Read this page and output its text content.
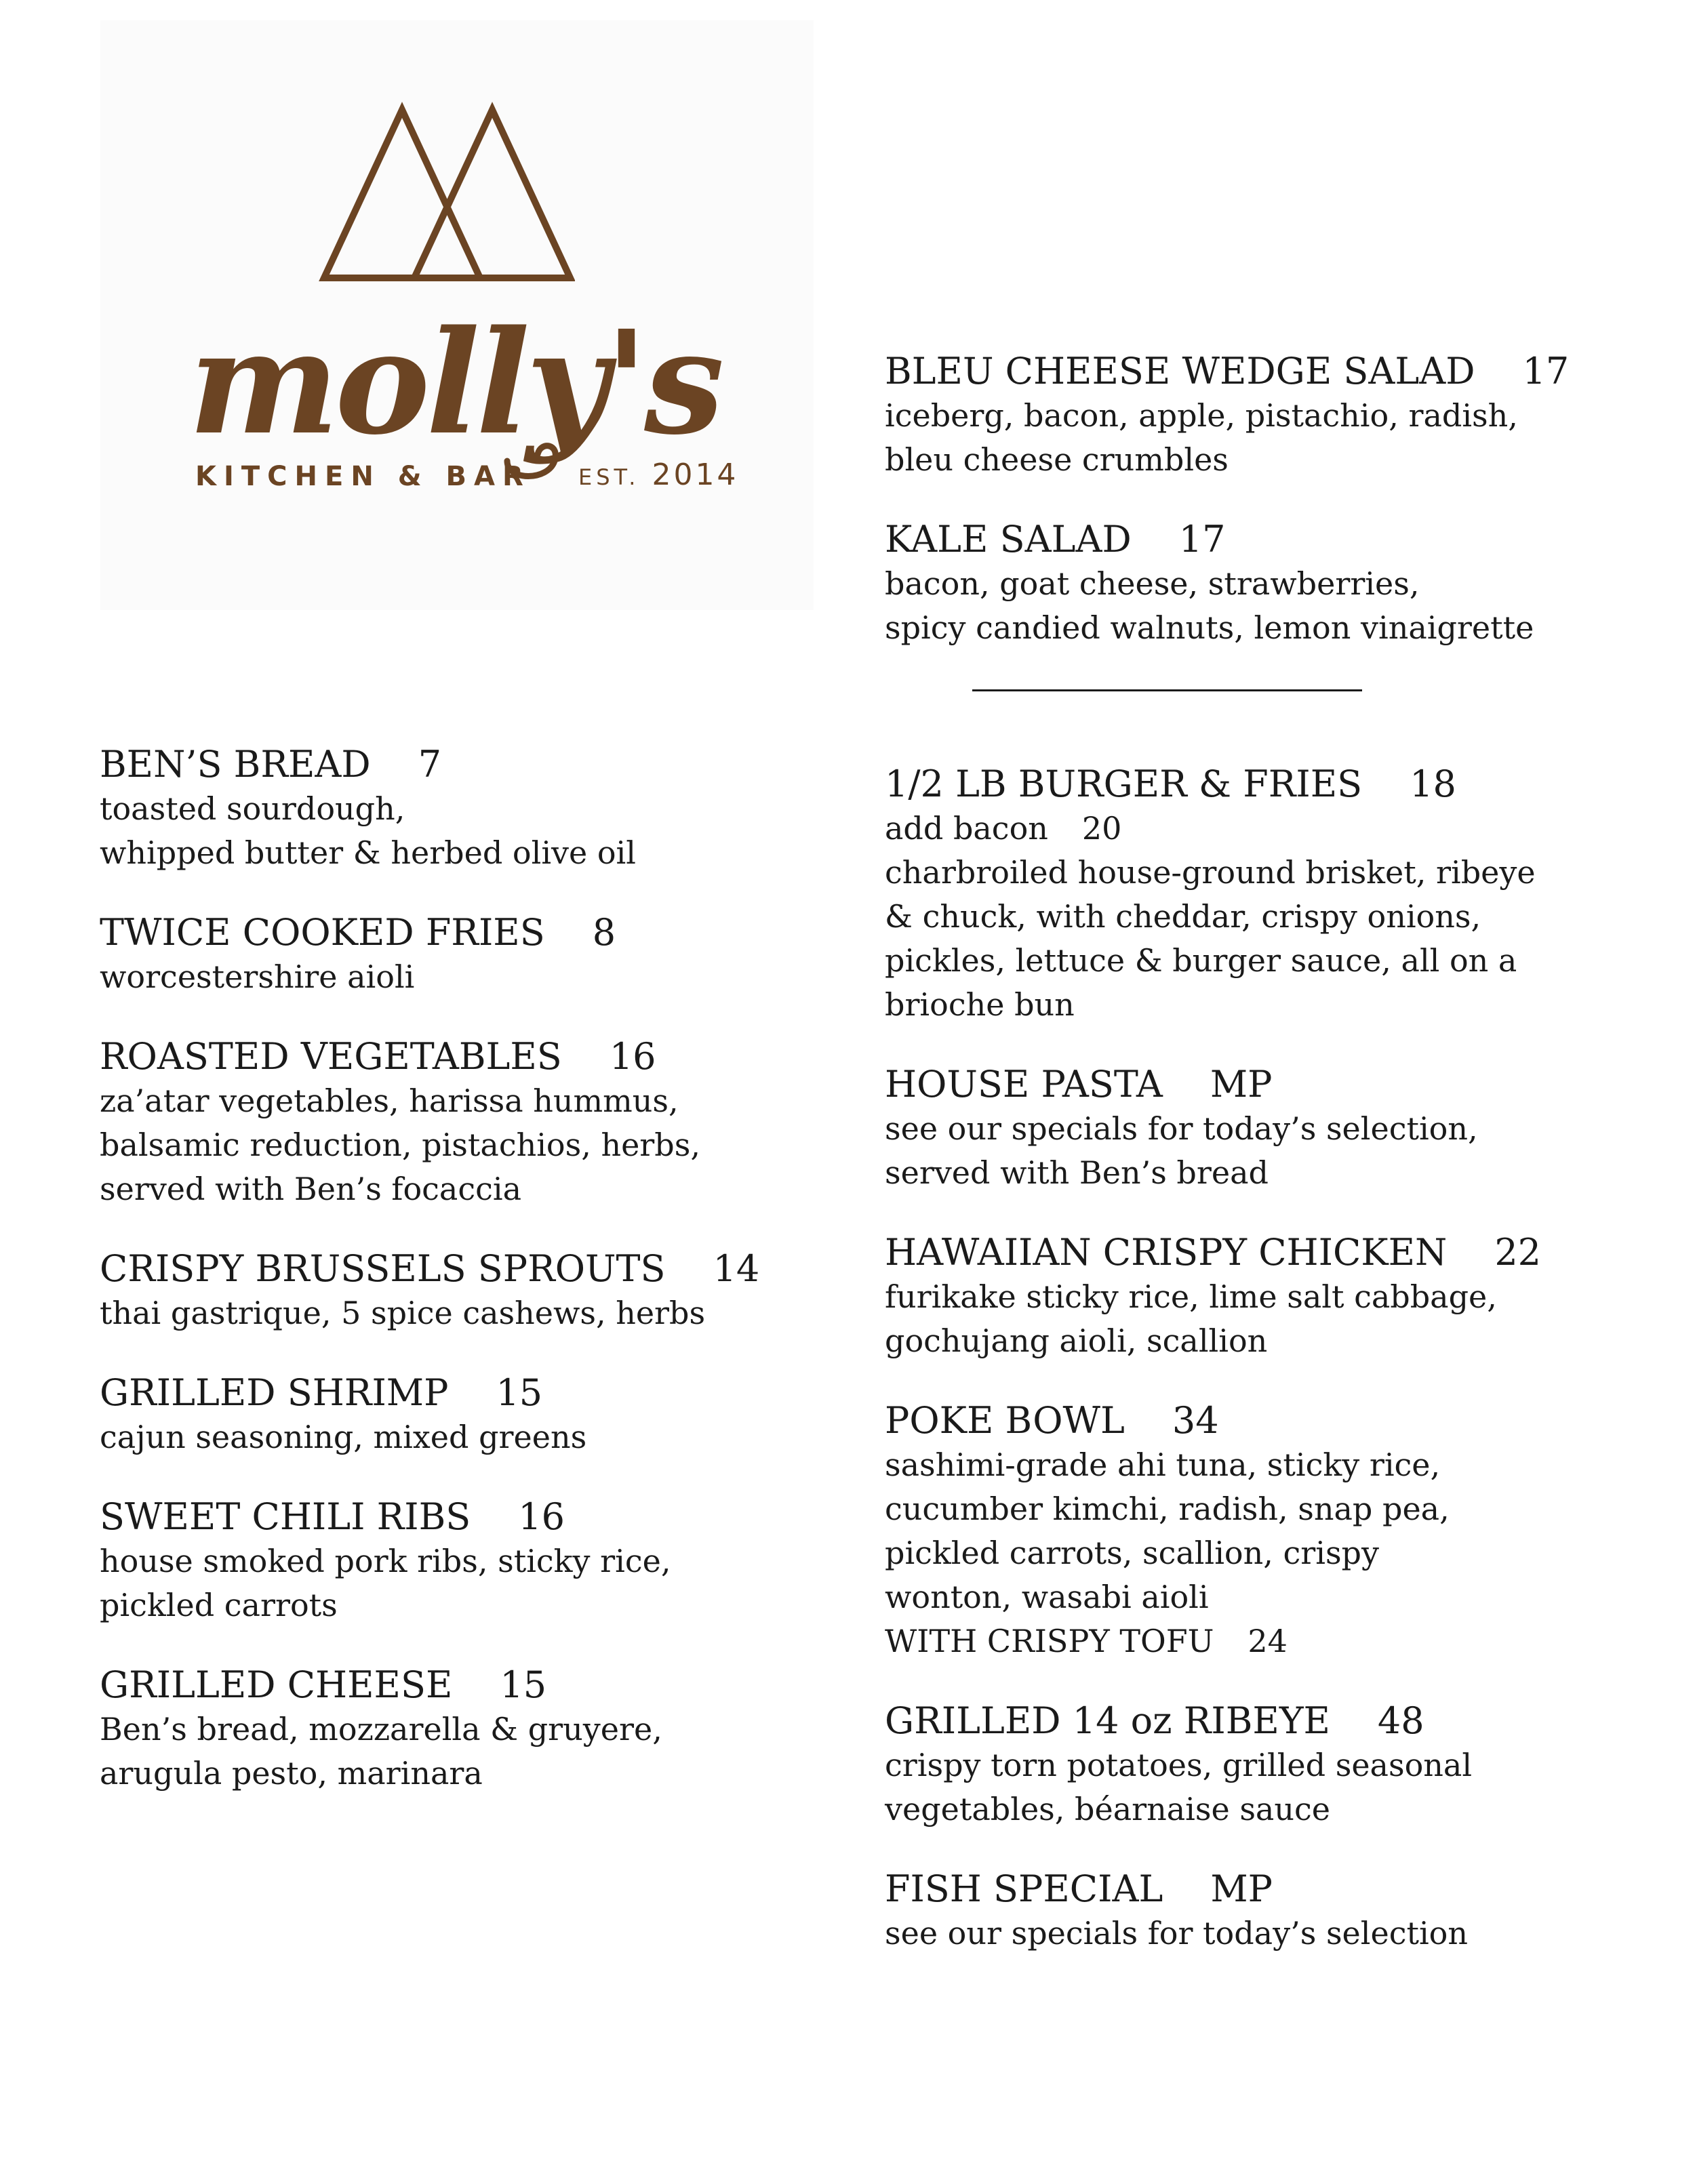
molly's
KITCHEN & BAR EST. 2014
BEN’S BREAD 7
toasted sourdough,
whipped butter & herbed olive oil
TWICE COOKED FRIES 8
worcestershire aioli
ROASTED VEGETABLES 16
za’atar vegetables, harissa hummus,
balsamic reduction, pistachios, herbs,
served with Ben’s focaccia
CRISPY BRUSSELS SPROUTS 14
thai gastrique, 5 spice cashews, herbs
GRILLED SHRIMP 15
cajun seasoning, mixed greens
SWEET CHILI RIBS 16
house smoked pork ribs, sticky rice,
pickled carrots
GRILLED CHEESE 15
Ben’s bread, mozzarella & gruyere,
arugula pesto, marinara
BLEU CHEESE WEDGE SALAD 17
iceberg, bacon, apple, pistachio, radish,
bleu cheese crumbles
KALE SALAD 17
bacon, goat cheese, strawberries,
spicy candied walnuts, lemon vinaigrette
1/2 LB BURGER & FRIES 18
add bacon 20
charbroiled house-ground brisket, ribeye
& chuck, with cheddar, crispy onions,
pickles, lettuce & burger sauce, all on a
brioche bun
HOUSE PASTA MP
see our specials for today’s selection,
served with Ben’s bread
HAWAIIAN CRISPY CHICKEN 22
furikake sticky rice, lime salt cabbage,
gochujang aioli, scallion
POKE BOWL 34
sashimi-grade ahi tuna, sticky rice,
cucumber kimchi, radish, snap pea,
pickled carrots, scallion, crispy
wonton, wasabi aioli
WITH CRISPY TOFU 24
GRILLED 14 oz RIBEYE 48
crispy torn potatoes, grilled seasonal
vegetables, béarnaise sauce
FISH SPECIAL MP
see our specials for today’s selection
